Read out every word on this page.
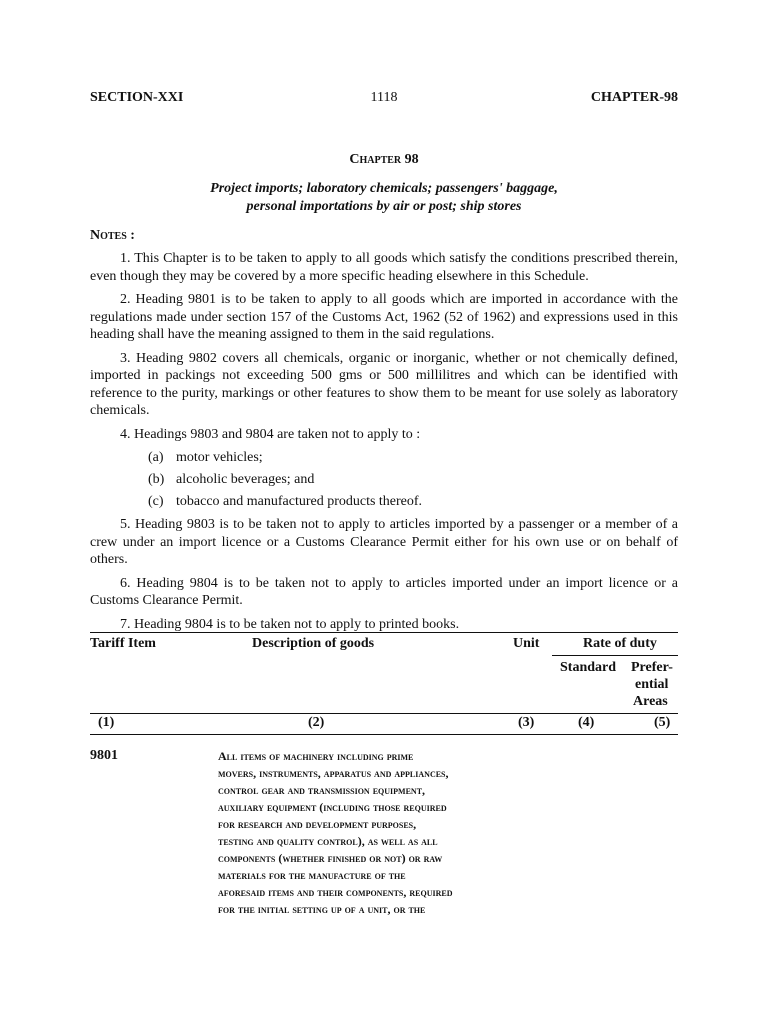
SECTION-XXI	1118	CHAPTER-98
Chapter 98
Project imports; laboratory chemicals; passengers' baggage,
personal importations by air or post; ship stores
Notes :

1. This Chapter is to be taken to apply to all goods which satisfy the conditions prescribed therein, even though they may be covered by a more specific heading elsewhere in this Schedule.

2. Heading 9801 is to be taken to apply to all goods which are imported in accordance with the regulations made under section 157 of the Customs Act, 1962 (52 of 1962) and expressions used in this heading shall have the meaning assigned to them in the said regulations.

3. Heading 9802 covers all chemicals, organic or inorganic, whether or not chemically defined, imported in packings not exceeding 500 gms or 500 millilitres and which can be identified with reference to the purity, markings or other features to show them to be meant for use solely as laboratory chemicals.

4. Headings 9803 and 9804 are taken not to apply to :

(a) motor vehicles;
(b) alcoholic beverages; and
(c) tobacco and manufactured products thereof.

5. Heading 9803 is to be taken not to apply to articles imported by a passenger or a member of a crew under an import licence or a Customs Clearance Permit either for his own use or on behalf of others.

6. Heading 9804 is to be taken not to apply to articles imported under an import licence or a Customs Clearance Permit.

7. Heading 9804 is to be taken not to apply to printed books.

Tariff Item	Description of goods	Unit	Rate of duty
Standard Prefer-
ential
Areas
(1)	(2)	(3)	(4)	(5)
9801	All items of machinery including prime
movers, instruments, apparatus and appliances,
control gear and transmission equipment,
auxiliary equipment (including those required
for research and development purposes,
testing and quality control), as well as all
components (whether finished or not) or raw
materials for the manufacture of the
aforesaid items and their components, required
for the initial setting up of a unit, or the
